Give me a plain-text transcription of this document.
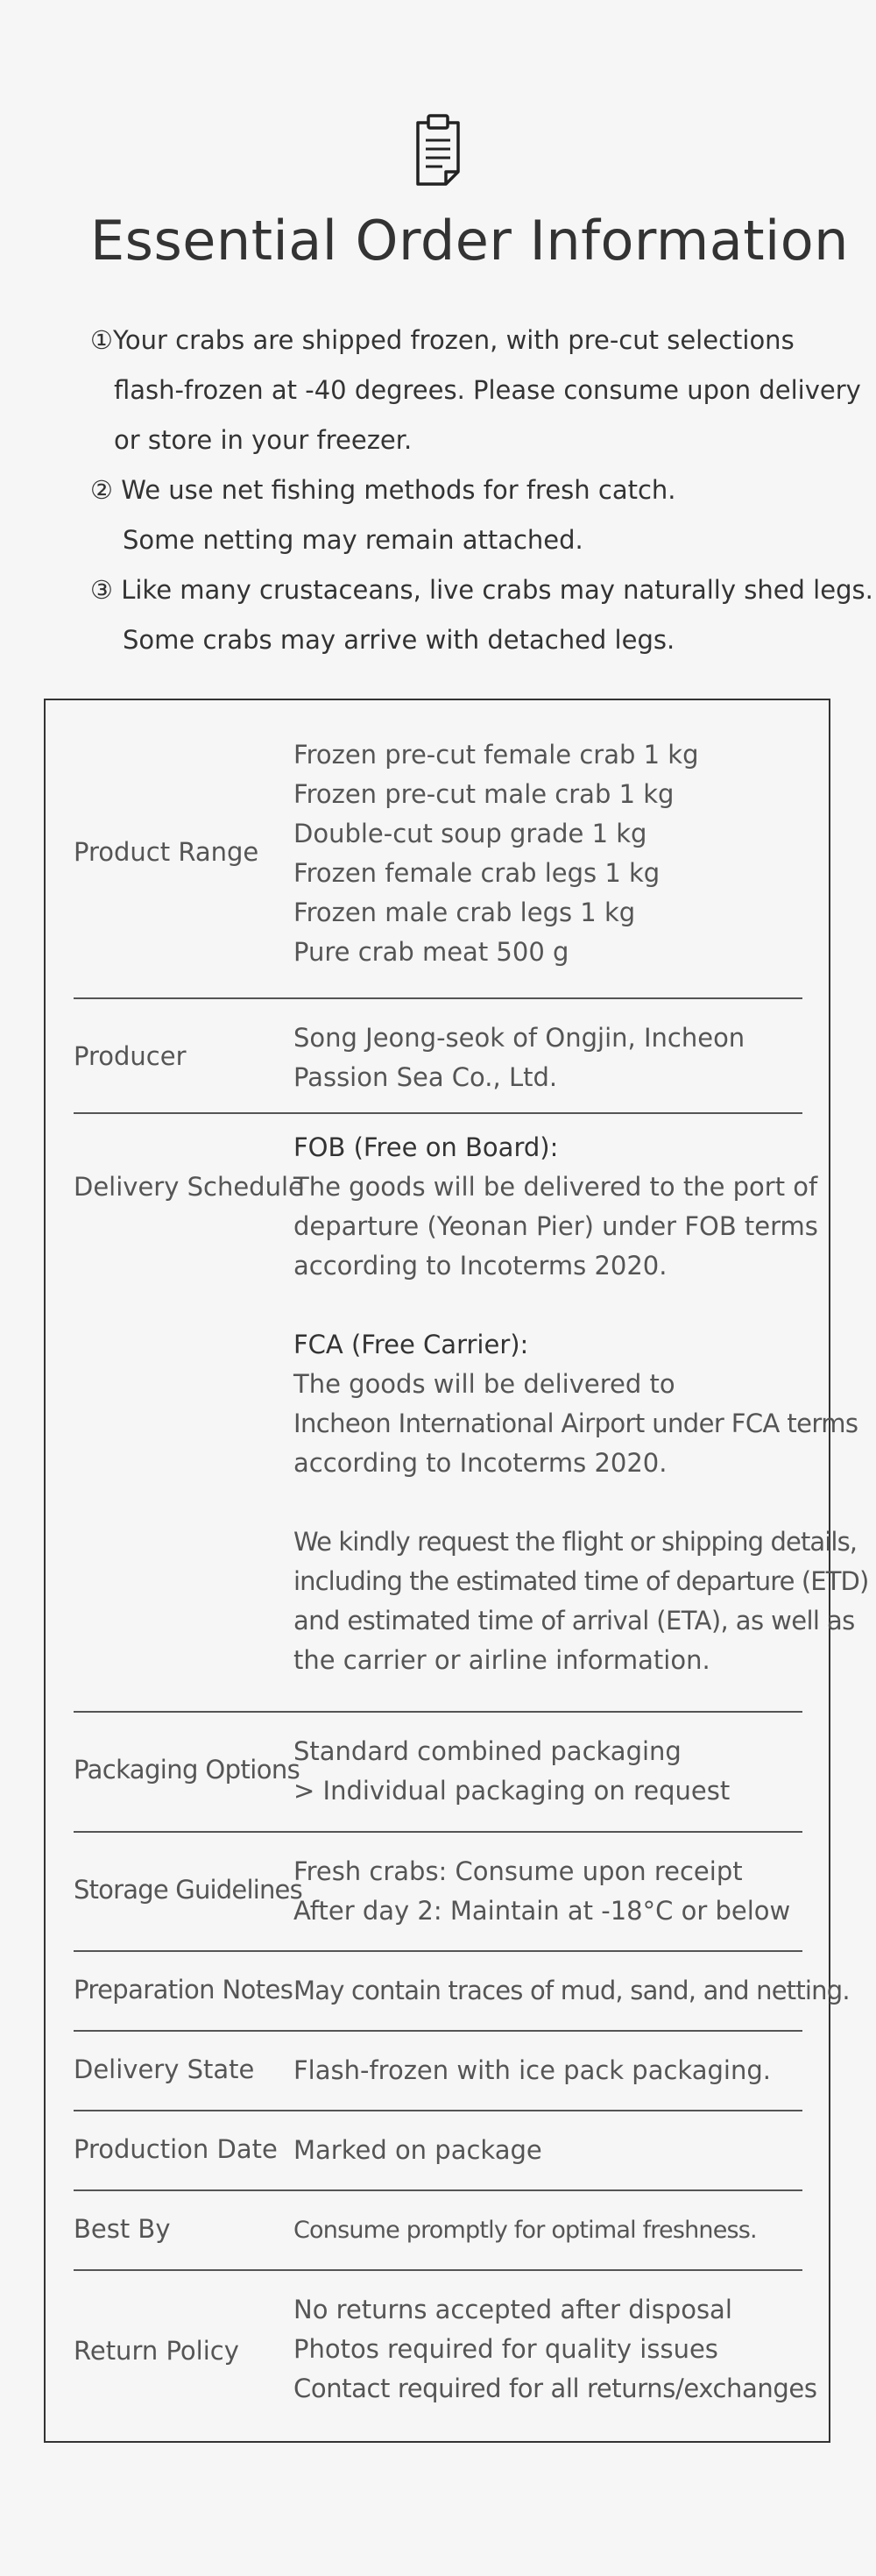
Essential Order Information
①Your crabs are shipped frozen, with pre-cut selections
flash-frozen at -40 degrees. Please consume upon delivery
or store in your freezer.
② We use net fishing methods for fresh catch.
Some netting may remain attached.
③ Like many crustaceans, live crabs may naturally shed legs.
Some crabs may arrive with detached legs.
Product Range
Frozen pre-cut female crab 1 kg
Frozen pre-cut male crab 1 kg
Double-cut soup grade 1 kg
Frozen female crab legs 1 kg
Frozen male crab legs 1 kg
Pure crab meat 500 g
Producer
Song Jeong-seok of Ongjin, Incheon
Passion Sea Co., Ltd.
Delivery Schedule
FOB (Free on Board):
The goods will be delivered to the port of
departure (Yeonan Pier) under FOB terms
according to Incoterms 2020.
FCA (Free Carrier):
The goods will be delivered to
Incheon International Airport under FCA terms
according to Incoterms 2020.
We kindly request the flight or shipping details,
including the estimated time of departure (ETD)
and estimated time of arrival (ETA), as well as
the carrier or airline information.
Packaging Options
Standard combined packaging
> Individual packaging on request
Storage Guidelines
Fresh crabs: Consume upon receipt
After day 2: Maintain at -18°C or below
Preparation Notes May contain traces of mud, sand, and netting.
Delivery State	Flash-frozen with ice pack packaging.
Production Date Marked on package
Best By	Consume promptly for optimal freshness.
Return Policy
No returns accepted after disposal
Photos required for quality issues
Contact required for all returns/exchanges
